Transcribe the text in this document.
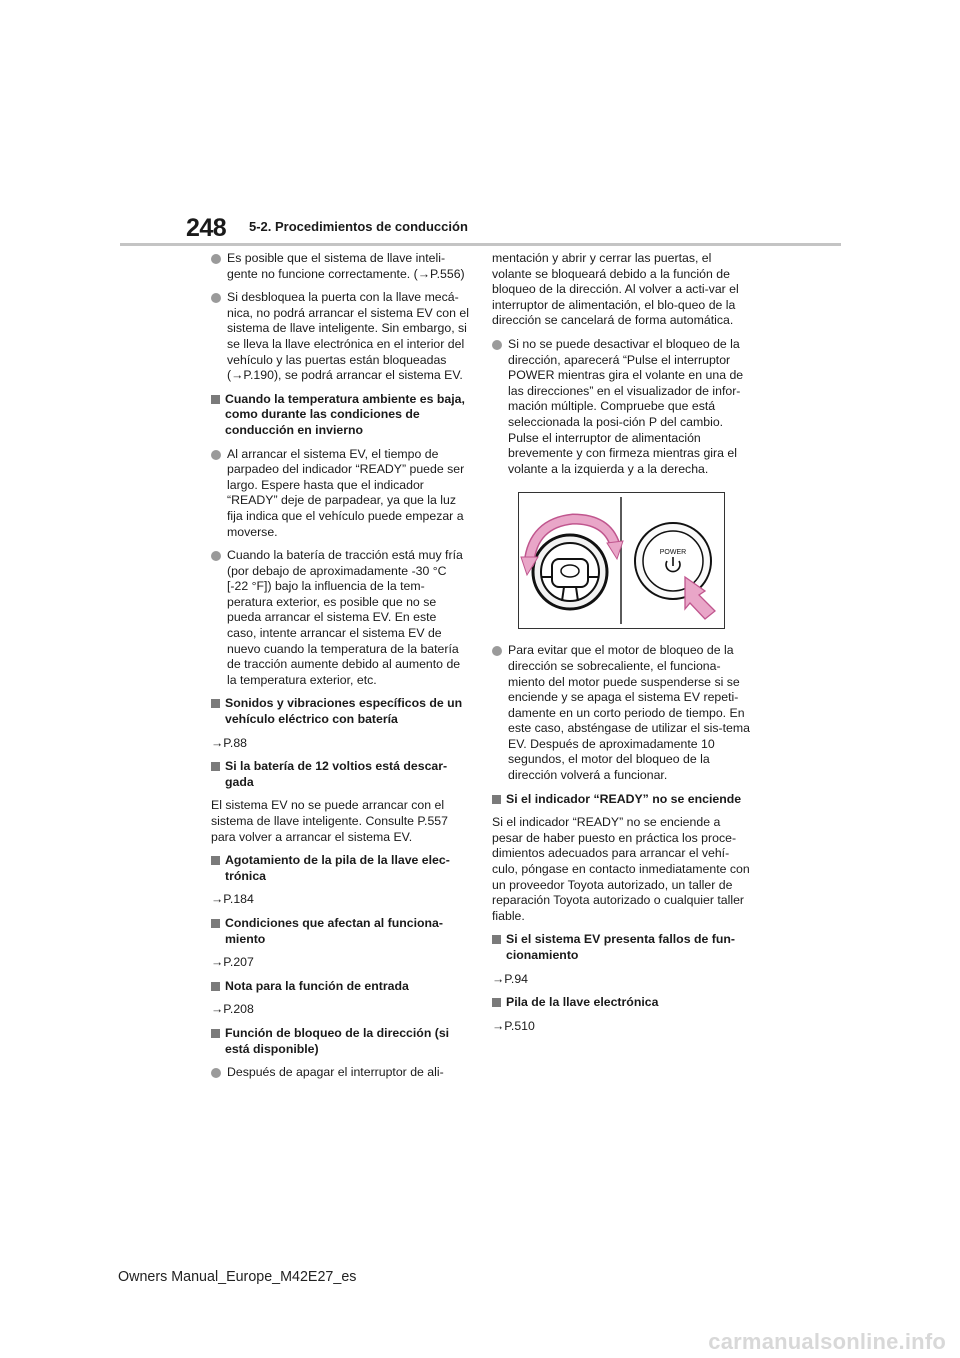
248 5-2. Procedimientos de conducción

Es posible que el sistema de llave inteli-gente no funcione correctamente. (→P.556)

Si desbloquea la puerta con la llave mecá-nica, no podrá arrancar el sistema EV con el sistema de llave inteligente. Sin embargo, si se lleva la llave electrónica en el interior del vehículo y las puertas están bloqueadas (→P.190), se podrá arrancar el sistema EV.

Cuando la temperatura ambiente es baja, como durante las condiciones de conducción en invierno

Al arrancar el sistema EV, el tiempo de parpadeo del indicador “READY” puede ser largo. Espere hasta que el indicador “READY” deje de parpadear, ya que la luz fija indica que el vehículo puede empezar a moverse.

Cuando la batería de tracción está muy fría (por debajo de aproximadamente -30 °C [-22 °F]) bajo la influencia de la tem-peratura exterior, es posible que no se pueda arrancar el sistema EV. En este caso, intente arrancar el sistema EV de nuevo cuando la temperatura de la batería de tracción aumente debido al aumento de la temperatura exterior, etc.

Sonidos y vibraciones específicos de un vehículo eléctrico con batería

→P.88

Si la batería de 12 voltios está descar-gada

El sistema EV no se puede arrancar con el sistema de llave inteligente. Consulte P.557 para volver a arrancar el sistema EV.

Agotamiento de la pila de la llave elec-trónica

→P.184

Condiciones que afectan al funciona-miento

→P.207

Nota para la función de entrada

→P.208

Función de bloqueo de la dirección (si está disponible)

Después de apagar el interruptor de ali-

mentación y abrir y cerrar las puertas, el volante se bloqueará debido a la función de bloqueo de la dirección. Al volver a acti-var el interruptor de alimentación, el blo-queo de la dirección se cancelará de forma automática.

Si no se puede desactivar el bloqueo de la dirección, aparecerá “Pulse el interruptor POWER mientras gira el volante en una de las direcciones” en el visualizador de infor-mación múltiple. Compruebe que está seleccionada la posi-ción P del cambio. Pulse el interruptor de alimentación brevemente y con firmeza mientras gira el volante a la izquierda y a la derecha.

POWER

Para evitar que el motor de bloqueo de la dirección se sobrecaliente, el funciona-miento del motor puede suspenderse si se enciende y se apaga el sistema EV repeti-damente en un corto periodo de tiempo. En este caso, absténgase de utilizar el sis-tema EV. Después de aproximadamente 10 segundos, el motor del bloqueo de la dirección volverá a funcionar.

Si el indicador “READY” no se enciende

Si el indicador “READY” no se enciende a pesar de haber puesto en práctica los proce-dimientos adecuados para arrancar el vehí-culo, póngase en contacto inmediatamente con un proveedor Toyota autorizado, un taller de reparación Toyota autorizado o cualquier taller fiable.

Si el sistema EV presenta fallos de fun-cionamiento

→P.94

Pila de la llave electrónica

→P.510

Owners Manual_Europe_M42E27_es
carmanualsonline.info
